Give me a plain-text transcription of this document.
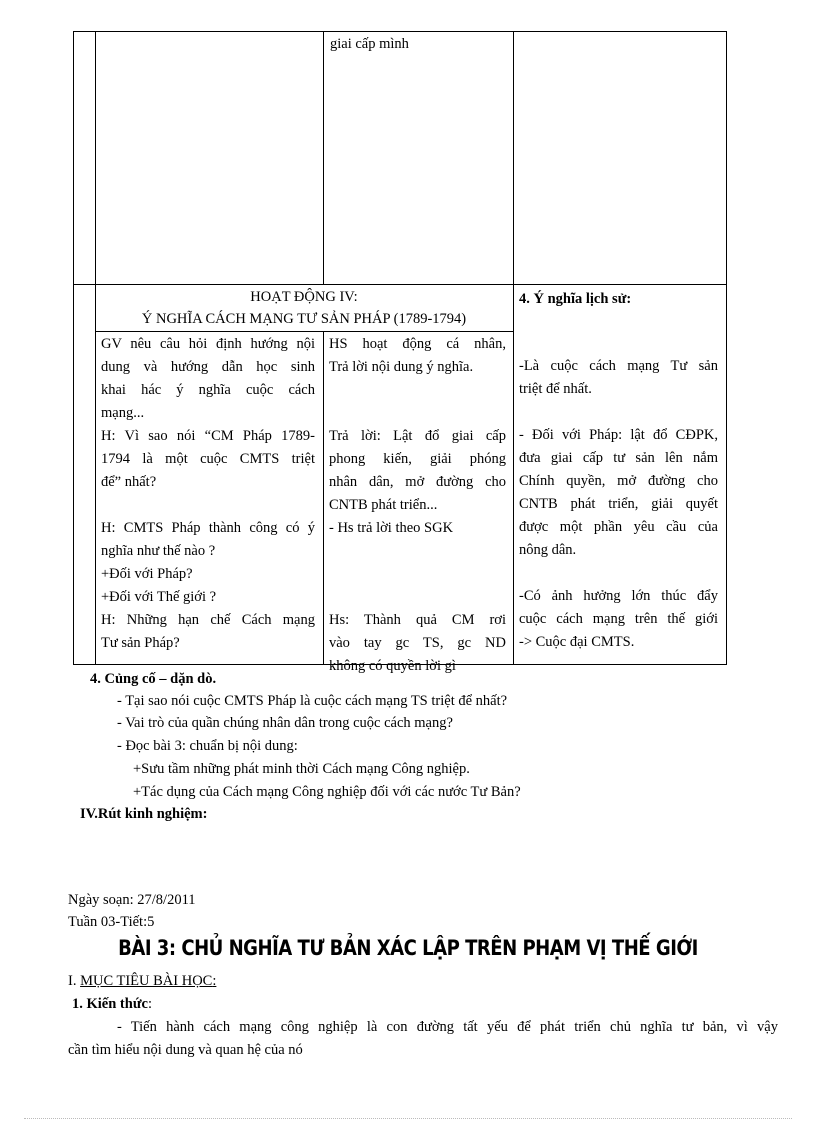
giai cấp mình
HOẠT ĐỘNG IV:
Ý NGHĨA CÁCH MẠNG TƯ SẢN PHÁP (1789-1794)
4. Ý nghĩa lịch sử:
GV nêu câu hỏi định hướng nội
dung và hướng dẫn học sinh
khai hác ý nghĩa cuộc cách
mạng...
H: Vì sao nói “CM Pháp 1789-
1794 là một cuộc CMTS triệt
để” nhất?

H: CMTS Pháp thành công có ý
nghĩa như thế nào ?
+Đối với Pháp?
+Đối với Thế giới ?
H: Những hạn chế Cách mạng
Tư sản Pháp?
HS hoạt động cá nhân,
Trả lời nội dung ý nghĩa.

Trả lời: Lật đổ giai cấp
phong kiến, giải phóng
nhân dân, mở đường cho
CNTB phát triển...
- Hs trả lời theo SGK

Hs: Thành quả CM rơi
vào tay gc TS, gc ND
không có quyền lời gì

-Là cuộc cách mạng Tư sản
triệt để nhất.

- Đối với Pháp: lật đổ CĐPK,
đưa giai cấp tư sản lên nắm
Chính quyền, mở đường cho
CNTB phát triển, giải quyết
được một phần yêu cầu của
nông dân.

-Có ảnh hưởng lớn thúc đẩy
cuộc cách mạng trên thế giới
-> Cuộc đại CMTS.
4. Củng cố – dặn dò.
- Tại sao nói cuộc CMTS Pháp là cuộc cách mạng TS triệt để nhất?
- Vai trò của quần chúng nhân dân trong cuộc cách mạng?
- Đọc bài 3: chuẩn bị nội dung:
+Sưu tầm những phát minh thời Cách mạng Công nghiệp.
+Tác dụng của Cách mạng Công nghiệp đối với các nước Tư Bản?
IV.Rút kinh nghiệm:
Ngày soạn: 27/8/2011
Tuần 03-Tiết:5
BÀI 3: CHỦ NGHĨA TƯ BẢN XÁC LẬP TRÊN PHẠM VỊ THẾ GIỚI
I. MỤC TIÊU BÀI HỌC:
1. Kiến thức:
- Tiến hành cách mạng công nghiệp là con đường tất yếu để phát triển chủ nghĩa tư bản, vì vậy
cần tìm hiểu nội dung và quan hệ của nó
